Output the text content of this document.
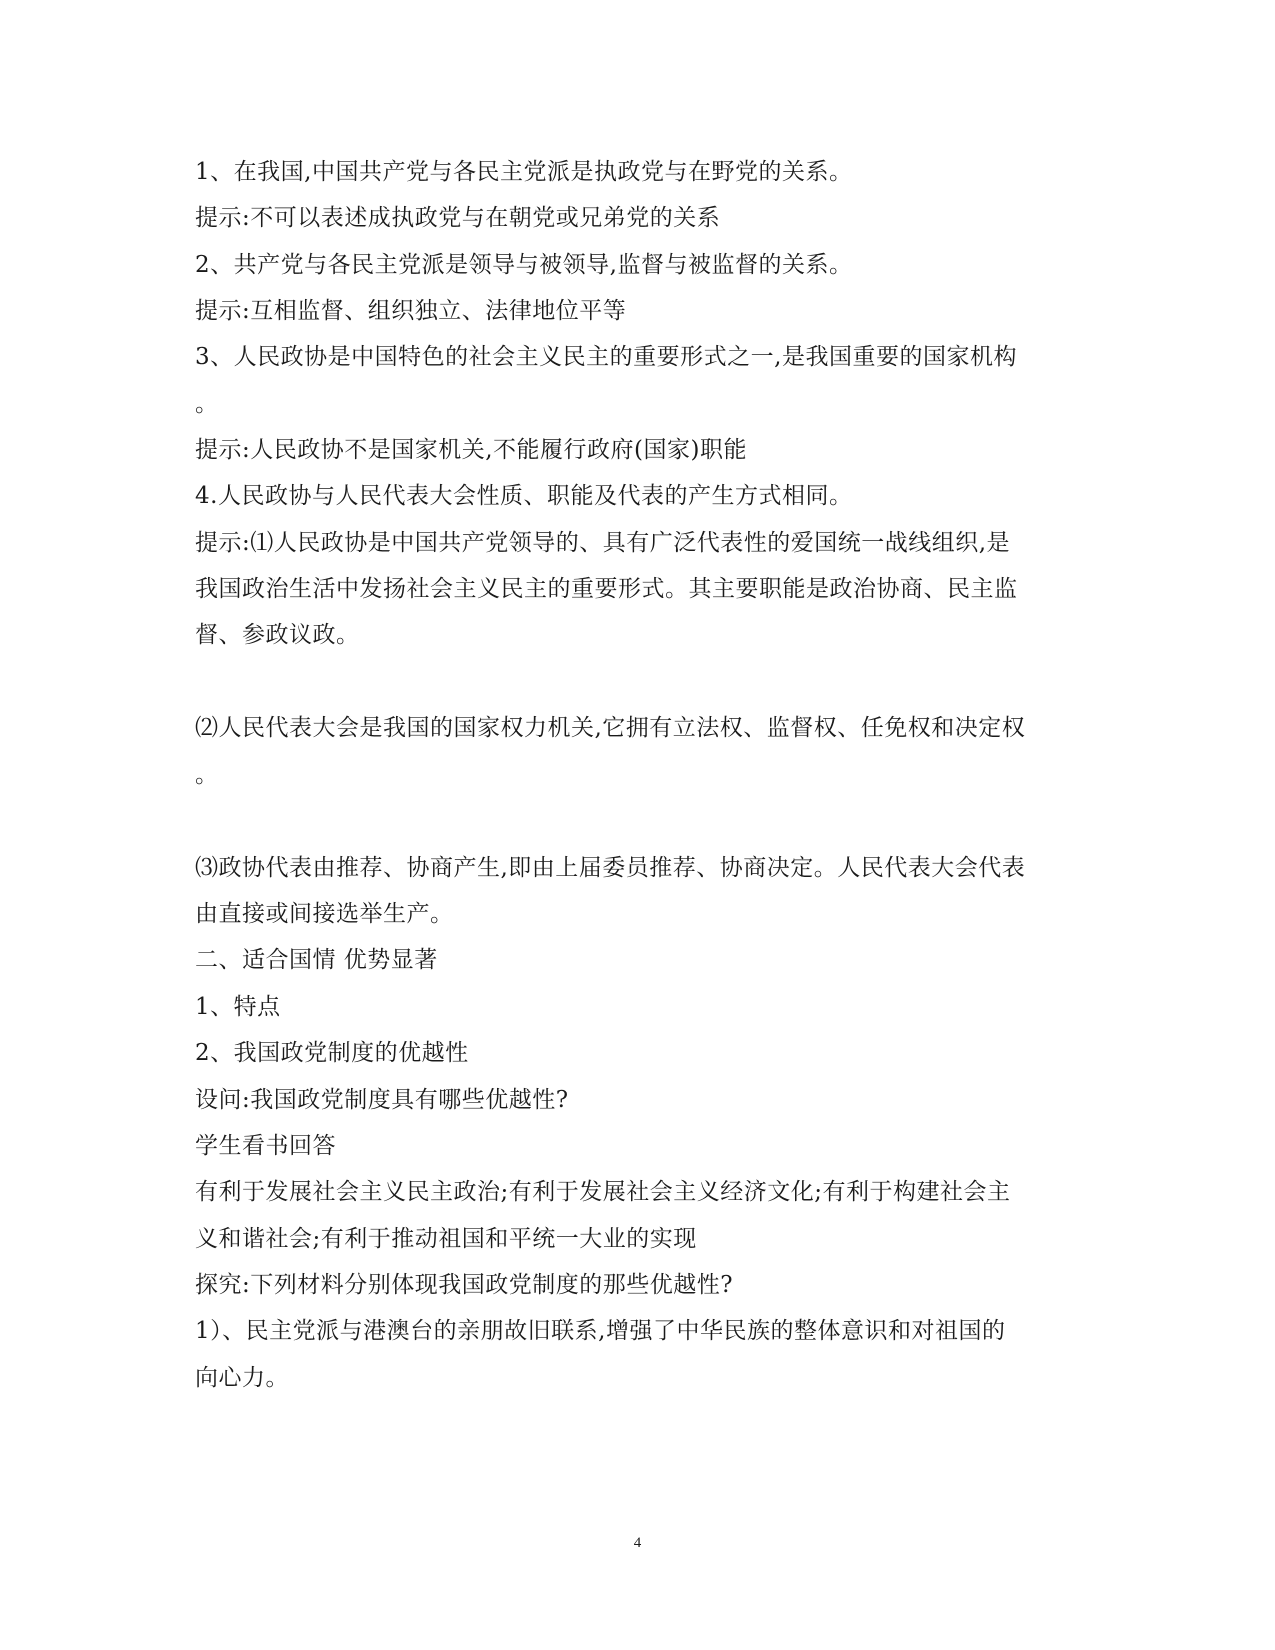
1、在我国,中国共产党与各民主党派是执政党与在野党的关系。
提示:不可以表述成执政党与在朝党或兄弟党的关系
2、共产党与各民主党派是领导与被领导,监督与被监督的关系。
提示:互相监督、组织独立、法律地位平等
3、人民政协是中国特色的社会主义民主的重要形式之一,是我国重要的国家机构
。
提示:人民政协不是国家机关,不能履行政府(国家)职能
4.人民政协与人民代表大会性质、职能及代表的产生方式相同。
提示:⑴人民政协是中国共产党领导的、具有广泛代表性的爱国统一战线组织,是
我国政治生活中发扬社会主义民主的重要形式。其主要职能是政治协商、民主监
督、参政议政。
⑵人民代表大会是我国的国家权力机关,它拥有立法权、监督权、任免权和决定权
。
⑶政协代表由推荐、协商产生,即由上届委员推荐、协商决定。人民代表大会代表
由直接或间接选举生产。
二、适合国情 优势显著
1、特点
2、我国政党制度的优越性
设问:我国政党制度具有哪些优越性?
学生看书回答
有利于发展社会主义民主政治;有利于发展社会主义经济文化;有利于构建社会主
义和谐社会;有利于推动祖国和平统一大业的实现
探究:下列材料分别体现我国政党制度的那些优越性?
1）、民主党派与港澳台的亲朋故旧联系,增强了中华民族的整体意识和对祖国的
向心力。
4
